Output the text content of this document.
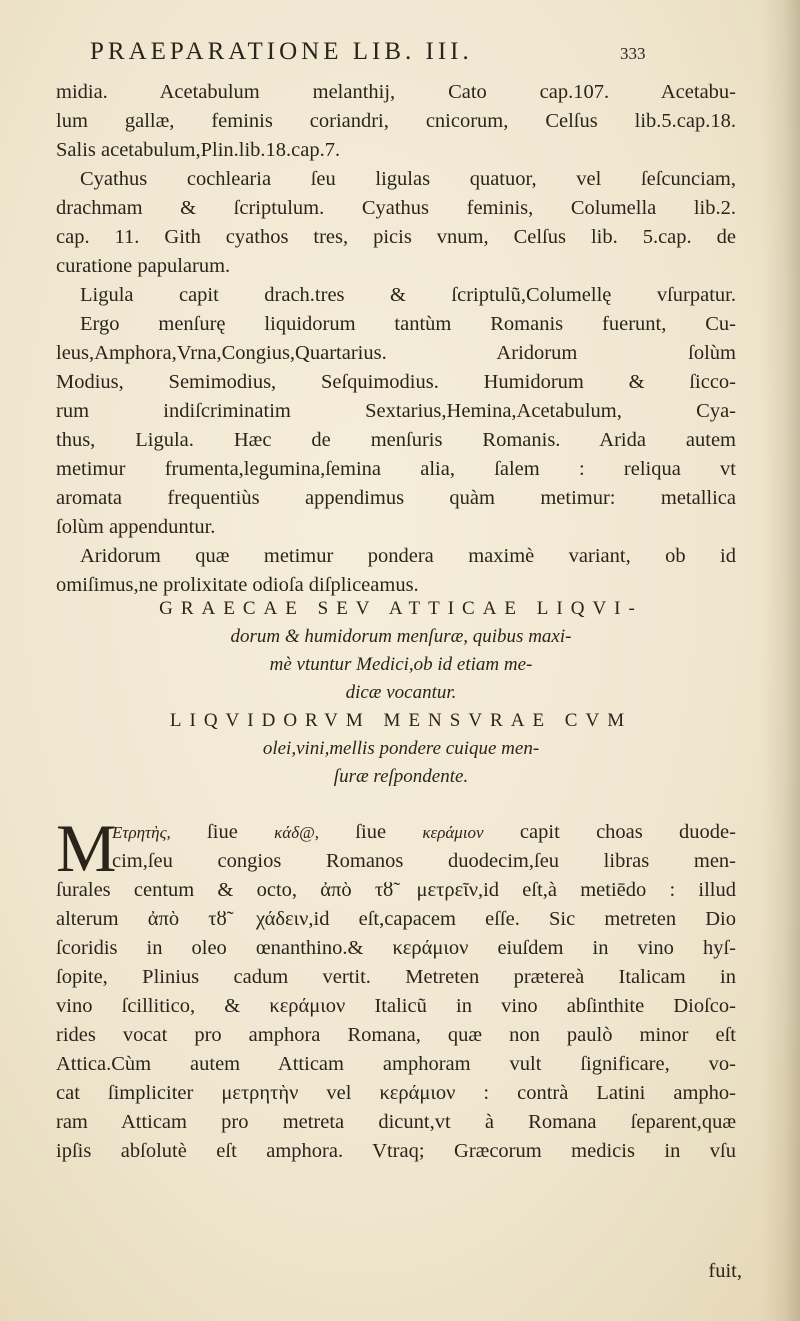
PRAEPARATIONE LIB. III.	333
midia. Acetabulum melanthij, Cato cap.107. Acetabu-
lum gallæ, feminis coriandri, cnicorum, Celſus lib.5.cap.18.
Salis acetabulum,Plin.lib.18.cap.7.
Cyathus cochlearia ſeu ligulas quatuor, vel ſeſcunciam,
drachmam & ſcriptulum. Cyathus feminis, Columella lib.2.
cap. 11. Gith cyathos tres, picis vnum, Celſus lib. 5.cap. de
curatione papularum.
Ligula capit drach.tres & ſcriptulũ,Columellę vſurpatur.
Ergo menſurę liquidorum tantùm Romanis fuerunt, Cu-
leus,Amphora,Vrna,Congius,Quartarius. Aridorum ſolùm
Modius, Semimodius, Seſquimodius. Humidorum & ſicco-
rum indiſcriminatim Sextarius,Hemina,Acetabulum, Cya-
thus, Ligula. Hæc de menſuris Romanis. Arida autem
metimur frumenta,legumina,ſemina alia, ſalem : reliqua vt
aromata frequentiùs appendimus quàm metimur: metallica
ſolùm appenduntur.
Aridorum quæ metimur pondera maximè variant, ob id
omiſimus,ne prolixitate odioſa diſpliceamus.
GRAECAE SEV ATTICAE LIQVI-
dorum & humidorum menſuræ, quibus maxi-
mè vtuntur Medici,ob id etiam me-
dicæ vocantur.
LIQVIDORVM MENSVRAE CVM
olei,vini,mellis pondere cuique men-
ſuræ reſpondente.
M
Eτρητὴς, ſiue κάδ@, ſiue κεράμιον capit choas duode-
cim,ſeu congios Romanos duodecim,ſeu libras men-
ſurales centum & octo, ἀπὸ τȣ̃ μετρεῖν,id eſt,à metiēdo : illud
alterum ἀπὸ τȣ̃ χάδειν,id eſt,capacem eſſe. Sic metreten Dio
ſcoridis in oleo œnanthino.& κεράμιον eiuſdem in vino hyſ-
ſopite, Plinius cadum vertit. Metreten prætereà Italicam in
vino ſcillitico, & κεράμιον Italicũ in vino abſinthite Dioſco-
rides vocat pro amphora Romana, quæ non paulò minor eſt
Attica.Cùm autem Atticam amphoram vult ſignificare, vo-
cat ſimpliciter μετρητὴν vel κεράμιον : contrà Latini ampho-
ram Atticam pro metreta dicunt,vt à Romana ſeparent,quæ
ipſis abſolutè eſt amphora. Vtraq; Græcorum medicis in vſu
fuit,
